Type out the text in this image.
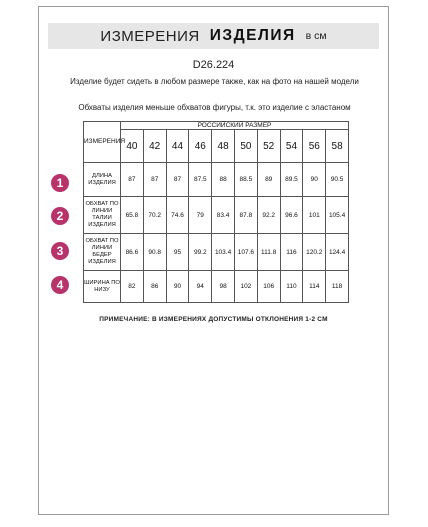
ИЗМЕРЕНИЯ ИЗДЕЛИЯ в см
D26.224
Изделие будет сидеть в любом размере также, как на фото на нашей модели
Обхваты изделия меньше обхватов фигуры, т.к. это изделие с эластаном
ПРИМЕЧАНИЕ: В ИЗМЕРЕНИЯХ ДОПУСТИМЫ ОТКЛОНЕНИЯ 1-2 СМ
1
2
3
4
ИЗМЕРЕНИЯ	РОССИЙСКИЙ РАЗМЕР									
	40	42	44	46	48	50	52	54	56	58
ДЛИНА ИЗДЕЛИЯ	87	87	87	87.5	88	88.5	89	89.5	90	90.5
ОБХВАТ ПО ЛИНИИ ТАЛИИ ИЗДЕЛИЯ	65.8	70.2	74.6	79	83.4	87.8	92.2	96.6	101	105.4
ОБХВАТ ПО ЛИНИИ БЕДЕР ИЗДЕЛИЯ	86.6	90.8	95	99.2	103.4	107.6	111.8	116	120.2	124.4
ШИРИНА ПО НИЗУ	82	86	90	94	98	102	106	110	114	118
